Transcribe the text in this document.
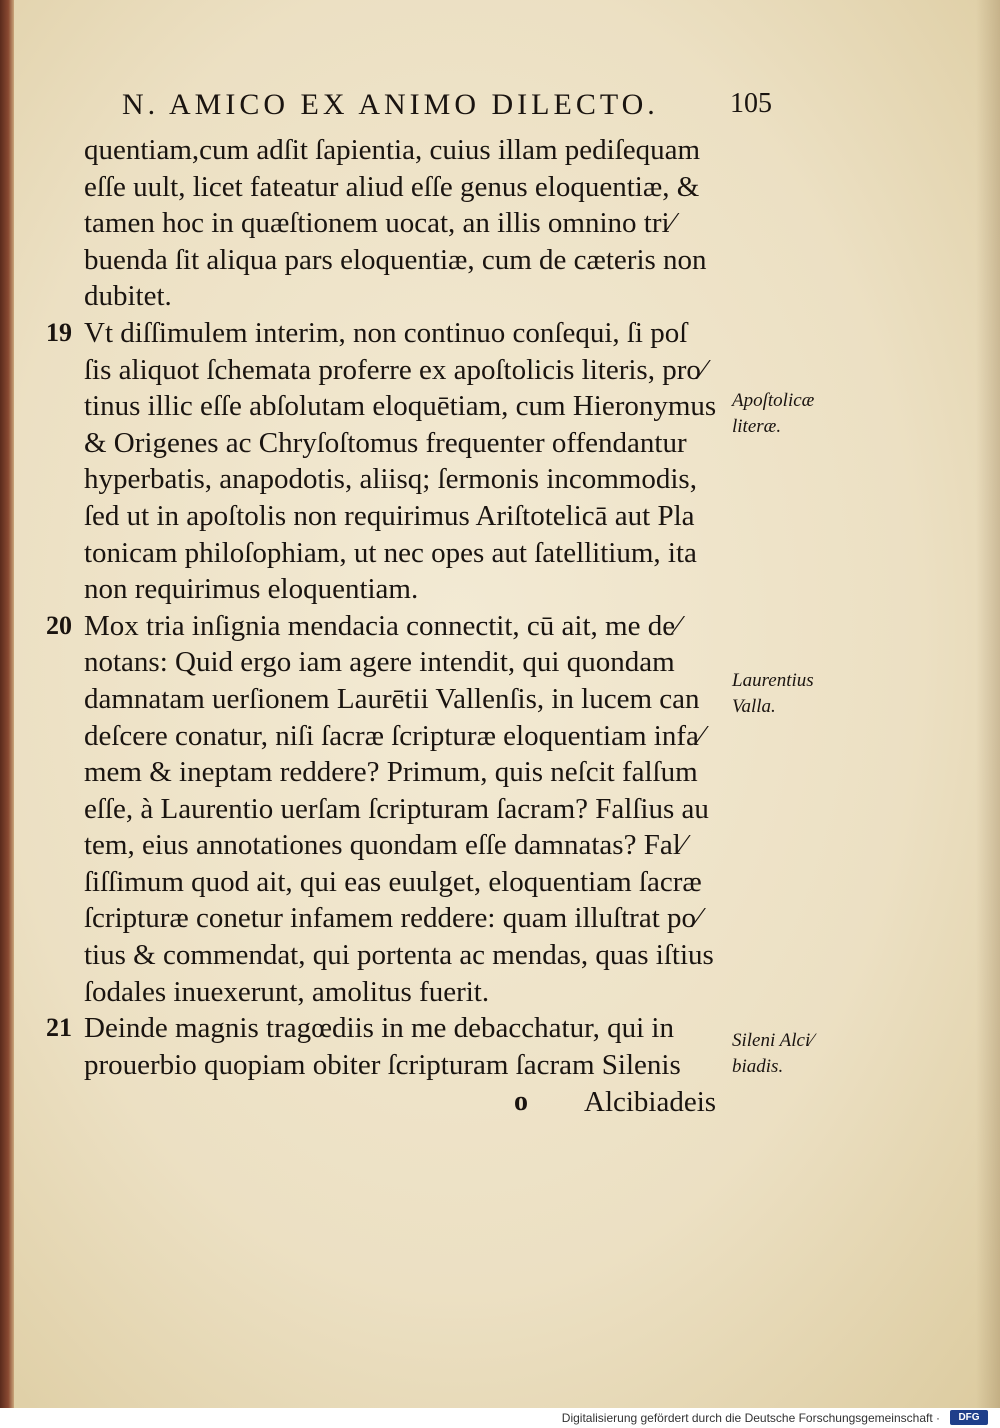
N. AMICO EX ANIMO DILECTO.	105
quentiam,cum adſit ſapientia, cuius illam pediſequam
eſſe uult, licet fateatur aliud eſſe genus eloquentiæ, &
tamen hoc in quæſtionem uocat, an illis omnino tri⁄
buenda ſit aliqua pars eloquentiæ, cum de cæteris non
dubitet.
19 Vt diſſimulem interim, non continuo conſequi, ſi poſ
ſis aliquot ſchemata proferre ex apoſtolicis literis, pro⁄
tinus illic eſſe abſolutam eloquētiam, cum Hieronymus
& Origenes ac Chryſoſtomus frequenter offendantur
hyperbatis, anapodotis, aliisq; ſermonis incommodis,
ſed ut in apoſtolis non requirimus Ariſtotelicā aut Pla
tonicam philoſophiam, ut nec opes aut ſatellitium, ita
non requirimus eloquentiam.
20 Mox tria inſignia mendacia connectit, cū ait, me de⁄
notans: Quid ergo iam agere intendit, qui quondam
damnatam uerſionem Laurētii Vallenſis, in lucem can
deſcere conatur, niſi ſacræ ſcripturæ eloquentiam infa⁄
mem & ineptam reddere? Primum, quis neſcit falſum
eſſe, à Laurentio uerſam ſcripturam ſacram? Falſius au
tem, eius annotationes quondam eſſe damnatas? Fal⁄
ſiſſimum quod ait, qui eas euulget, eloquentiam ſacræ
ſcripturæ conetur infamem reddere: quam illuſtrat po⁄
tius & commendat, qui portenta ac mendas, quas iſtius
ſodales inuexerunt, amolitus fuerit.
21 Deinde magnis tragœdiis in me debacchatur, qui in
prouerbio quopiam obiter ſcripturam ſacram Silenis
o Alcibiadeis
Apoſtolicæ
literæ.
Laurentius
Valla.
Sileni Alci⁄
biadis.
Digitalisierung gefördert durch die Deutsche Forschungsgemeinschaft ·	DFG
